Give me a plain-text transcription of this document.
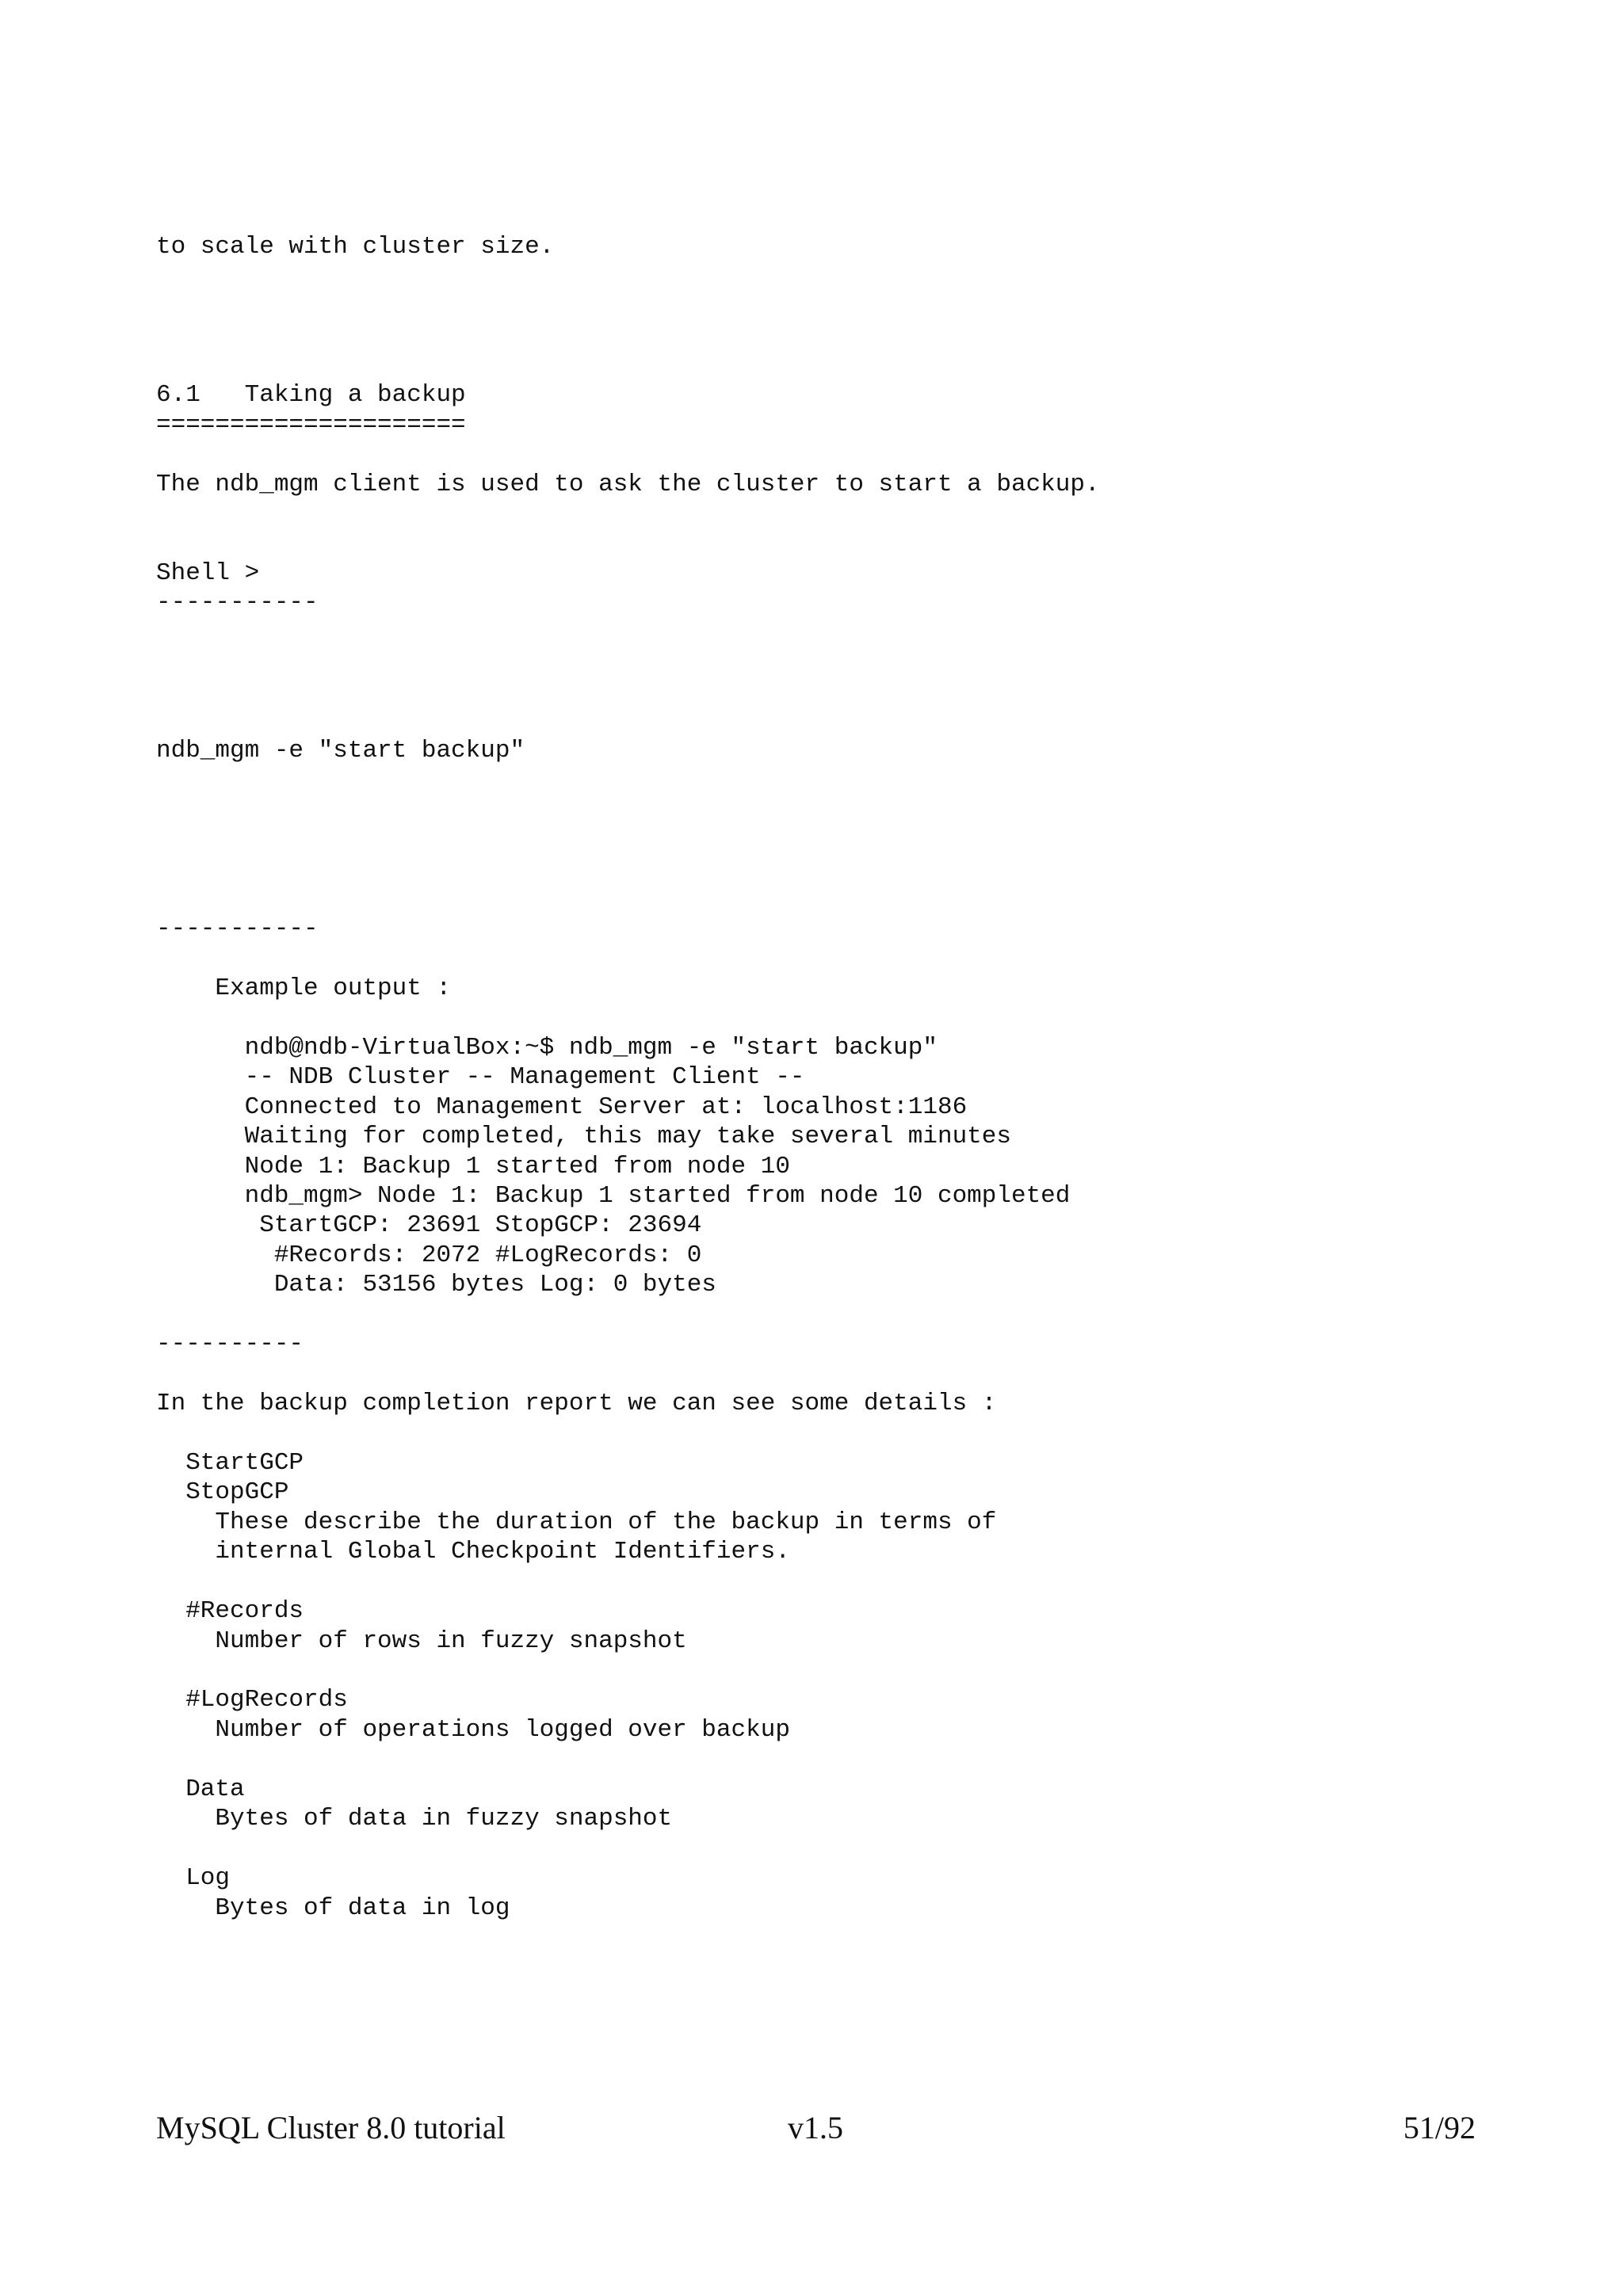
to scale with cluster size.
6.1   Taking a backup
=====================
The ndb_mgm client is used to ask the cluster to start a backup.
Shell >
-----------
ndb_mgm -e "start backup"
-----------
Example output :
ndb@ndb-VirtualBox:~$ ndb_mgm -e "start backup"
-- NDB Cluster -- Management Client --
Connected to Management Server at: localhost:1186
Waiting for completed, this may take several minutes
Node 1: Backup 1 started from node 10
ndb_mgm> Node 1: Backup 1 started from node 10 completed
StartGCP: 23691 StopGCP: 23694
#Records: 2072 #LogRecords: 0
Data: 53156 bytes Log: 0 bytes
----------
In the backup completion report we can see some details :
StartGCP
StopGCP
These describe the duration of the backup in terms of
internal Global Checkpoint Identifiers.
#Records
Number of rows in fuzzy snapshot
#LogRecords
Number of operations logged over backup
Data
Bytes of data in fuzzy snapshot
Log
Bytes of data in log
MySQL Cluster 8.0 tutorial	v1.5	51/92
